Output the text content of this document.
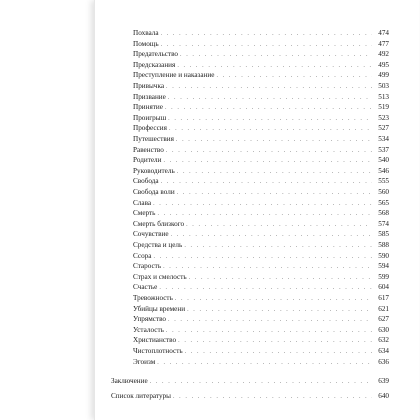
Похвала . . .	474
Помощь . . .	477
Предательство . . .	492
Предсказания . . .	495
Преступление и наказание . . .	499
Привычка . . .	503
Призвание . . .	513
Принятие . . .	519
Проигрыш . . .	523
Профессия . . .	527
Путешествия . . .	534
Равенство . . .	537
Родители . . .	540
Руководитель . . .	546
Свобода . . .	555
Свобода воли . . .	560
Слава . . .	565
Смерть . . .	568
Смерть близкого . . .	574
Сочувствие . . .	585
Средства и цель . . .	588
Ссора . . .	590
Старость . . .	594
Страх и смелость . . .	599
Счастье . . .	604
Тревожность . . .	617
Убийцы времени . . .	621
Упрямство . . .	627
Усталость . . .	630
Христианство . . .	632
Чистоплотность . . .	634
Эгоизм . . .	636
Заключение . . .	639
Список литературы . . .	640
